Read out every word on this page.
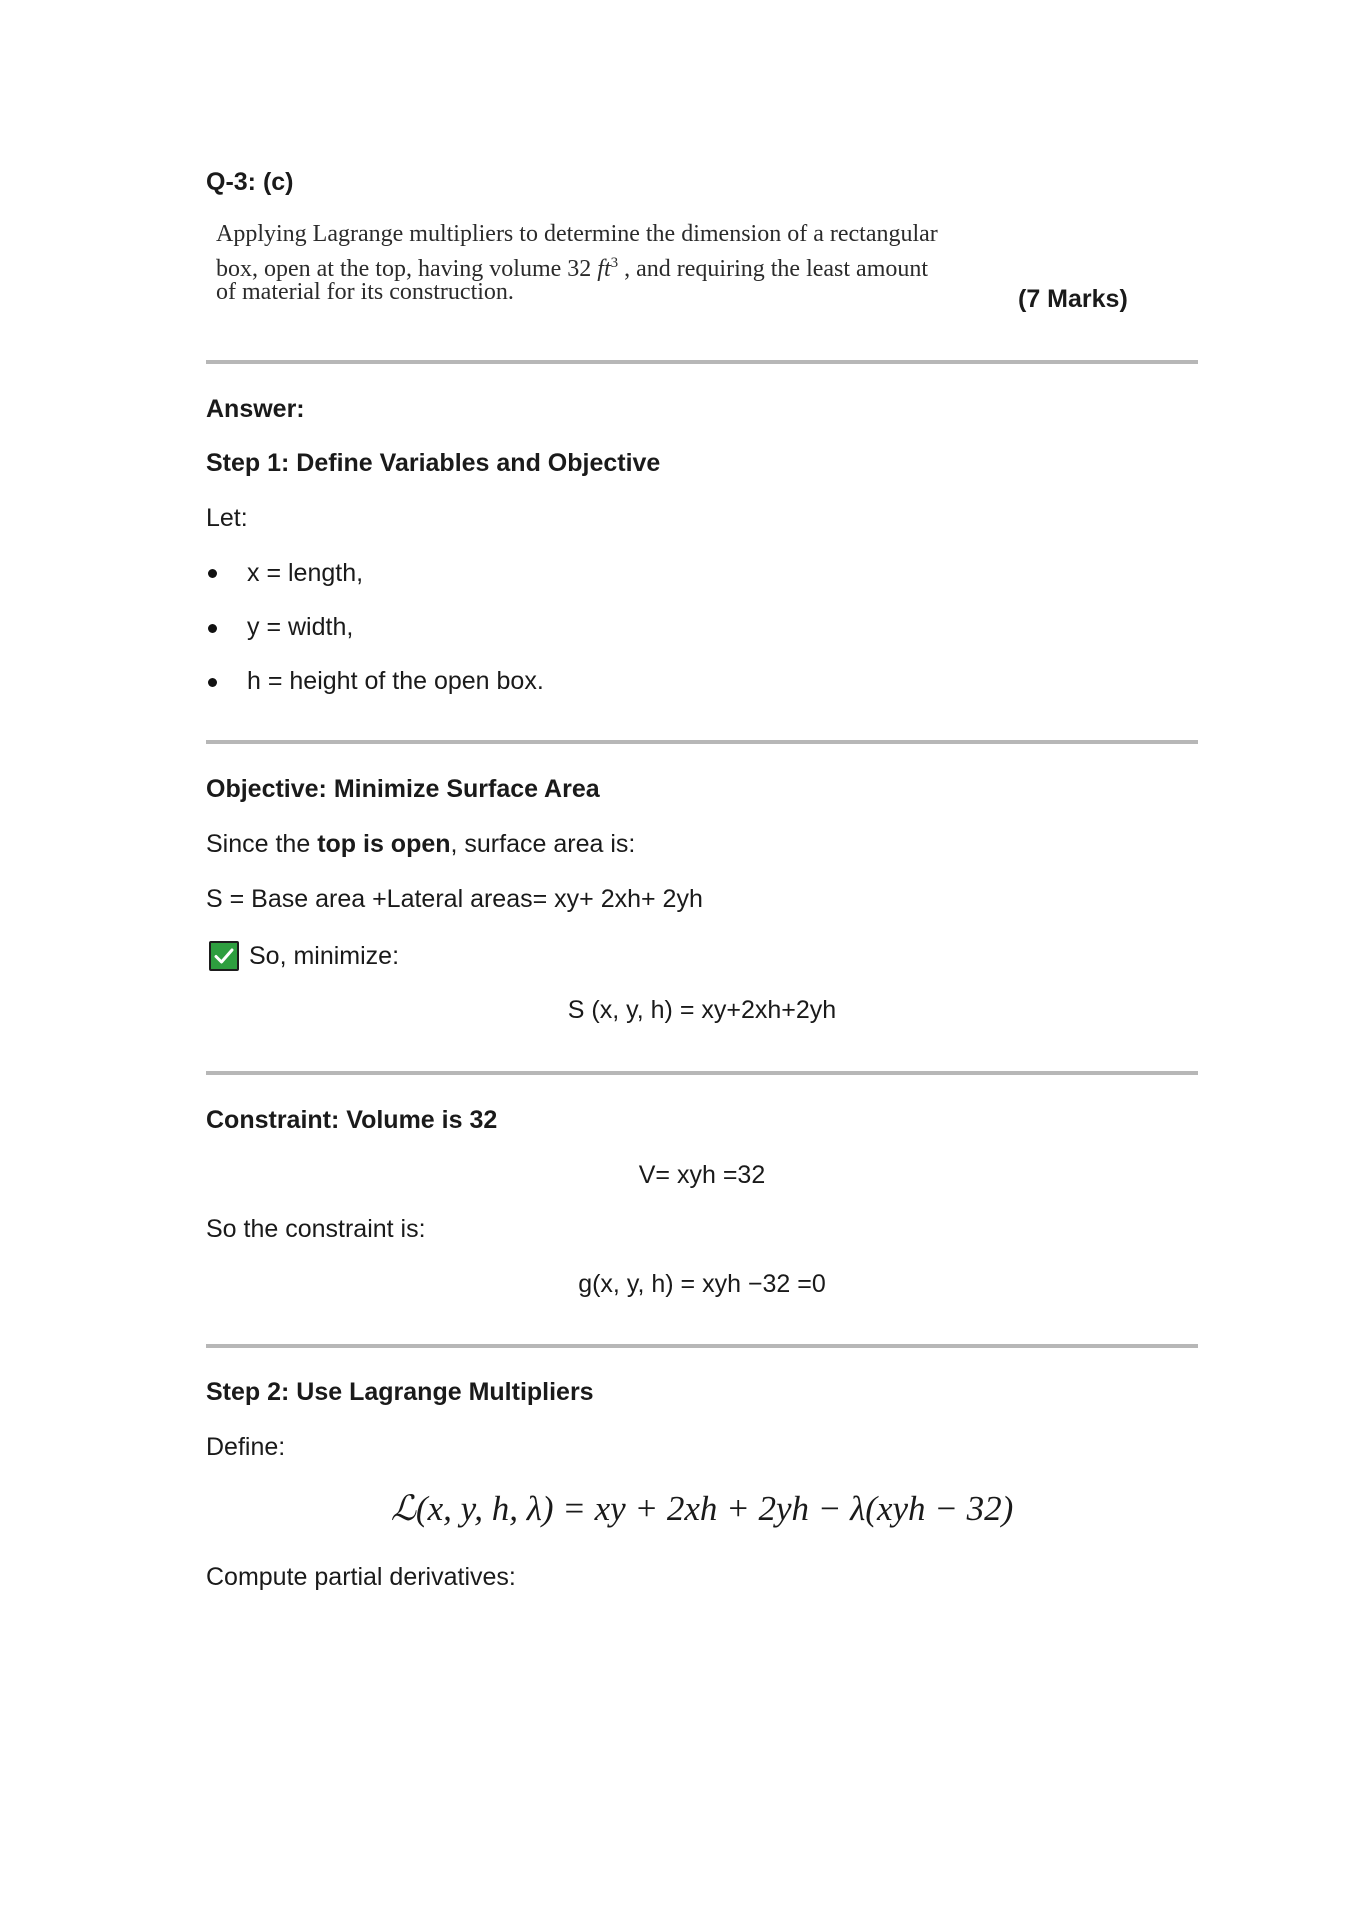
Q-3: (c)
Applying Lagrange multipliers to determine the dimension of a rectangular
box, open at the top, having volume 32 $ft^3$ , and requiring the least amount
of material for its construction.	(7 Marks)
Answer:
Step 1: Define Variables and Objective
Let:
x = length,
y = width,
h = height of the open box.
Objective: Minimize Surface Area
Since the top is open, surface area is:
S = Base area +Lateral areas= xy+ 2xh+ 2yh
So, minimize:
S (x, y, h) = xy+2xh+2yh
Constraint: Volume is 32
V= xyh =32
So the constraint is:
g(x, y, h) = xyh −32 =0
Step 2: Use Lagrange Multipliers
Define:
ℒ(x, y, h, λ) = xy + 2xh + 2yh − λ(xyh − 32)
Compute partial derivatives:
